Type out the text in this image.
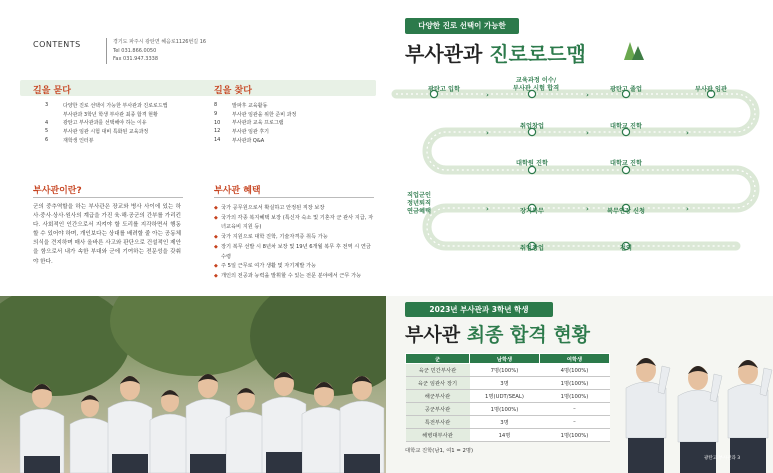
CONTENTS	경기도 파주시 광탄면 혜음로1126번길 16
Tel 031.866.0050
Fax 031.947.3338
길을 묻다	길을 찾다
3	다양한 진로 선택이 가능한 부사관과 진로로드맵
부사관과 3학년 학생 부사관 최종 합격 현황
4	광탄고 부사관과를 선택해야 하는 이유
5	부사관 임관 시험 대비 특화된 교육과정
6	재학생 인터뷰
8	발파후 교육활동
9	부사관 임관을 위한 준비 과정
10	부사관과 교육 프로그램
12	부사관 임관 후기
14	부사관과 Q&A
부사관이란?
군의 중추역할을 하는 부사관은 장교와 병사 사이에 있는 하사·중사·상사·원사의 계급을 가진 육·해·공군의 간부를 가리킨다. 사회적인 인간으로서 지켜야 할 도리를 지각하면서 행동할 수 있어야 하며, 개인보다는 상대를 배려할 줄 아는 공동체 의식을 견지하며 매사 올바른 사고와 판단으로 건설적인 제안을 함으로서 내가 속한 부대와 군에 기여하는 전문성을 갖춰야 한다.
부사관 혜택
◆ 국가 공무원으로서 확실하고 안정된 직장 보장
◆ 국가의 각종 복지혜택 보장 (특신자 숙소 및 기혼자 군 관사 지급, 자녀교육비 지원 등)
◆ 국가 지원으로 대학 진학, 기술자격증 취득 가능
◆ 장기 복무 선발 시 8년차 보장 및 19년 6개월 복무 후 전역 시 연금 수령
◆ 주 5일 근무로 여가 생활 및 자기계발 가능
◆ 개인의 전공과 능력을 발휘할 수 있는 전문 분야에서 근무 가능
다양한 진로 선택이 가능한
부사관과 진로로드맵
›	›	›
›	›	›
›	›
광탄고 입학
교육과정 이수/
부사관 시험 합격	광탄고 졸업	부사관 임관
취업창업	대학교 진학
대학원 진학	대학교 진학
직업군인
정년퇴직
연금혜택	장기복무	복무연장 신청
취업창업	전역
2023년 부사관과 3학년 학생
부사관 최종 합격 현황
군	남학생	여학생
육군 민간부사관	7명(100%)	4명(100%)
육군 임관사 장기	3명	1명(100%)
해군부사관	1명(UDT/SEAL)	1명(100%)
공군부사관	1명(100%)	–
특전부사관	3명	–
해병대부사관	14명	1명(100%)
대학교 진학(남1, 여1 = 2명)
광탄고 부사관과 3
